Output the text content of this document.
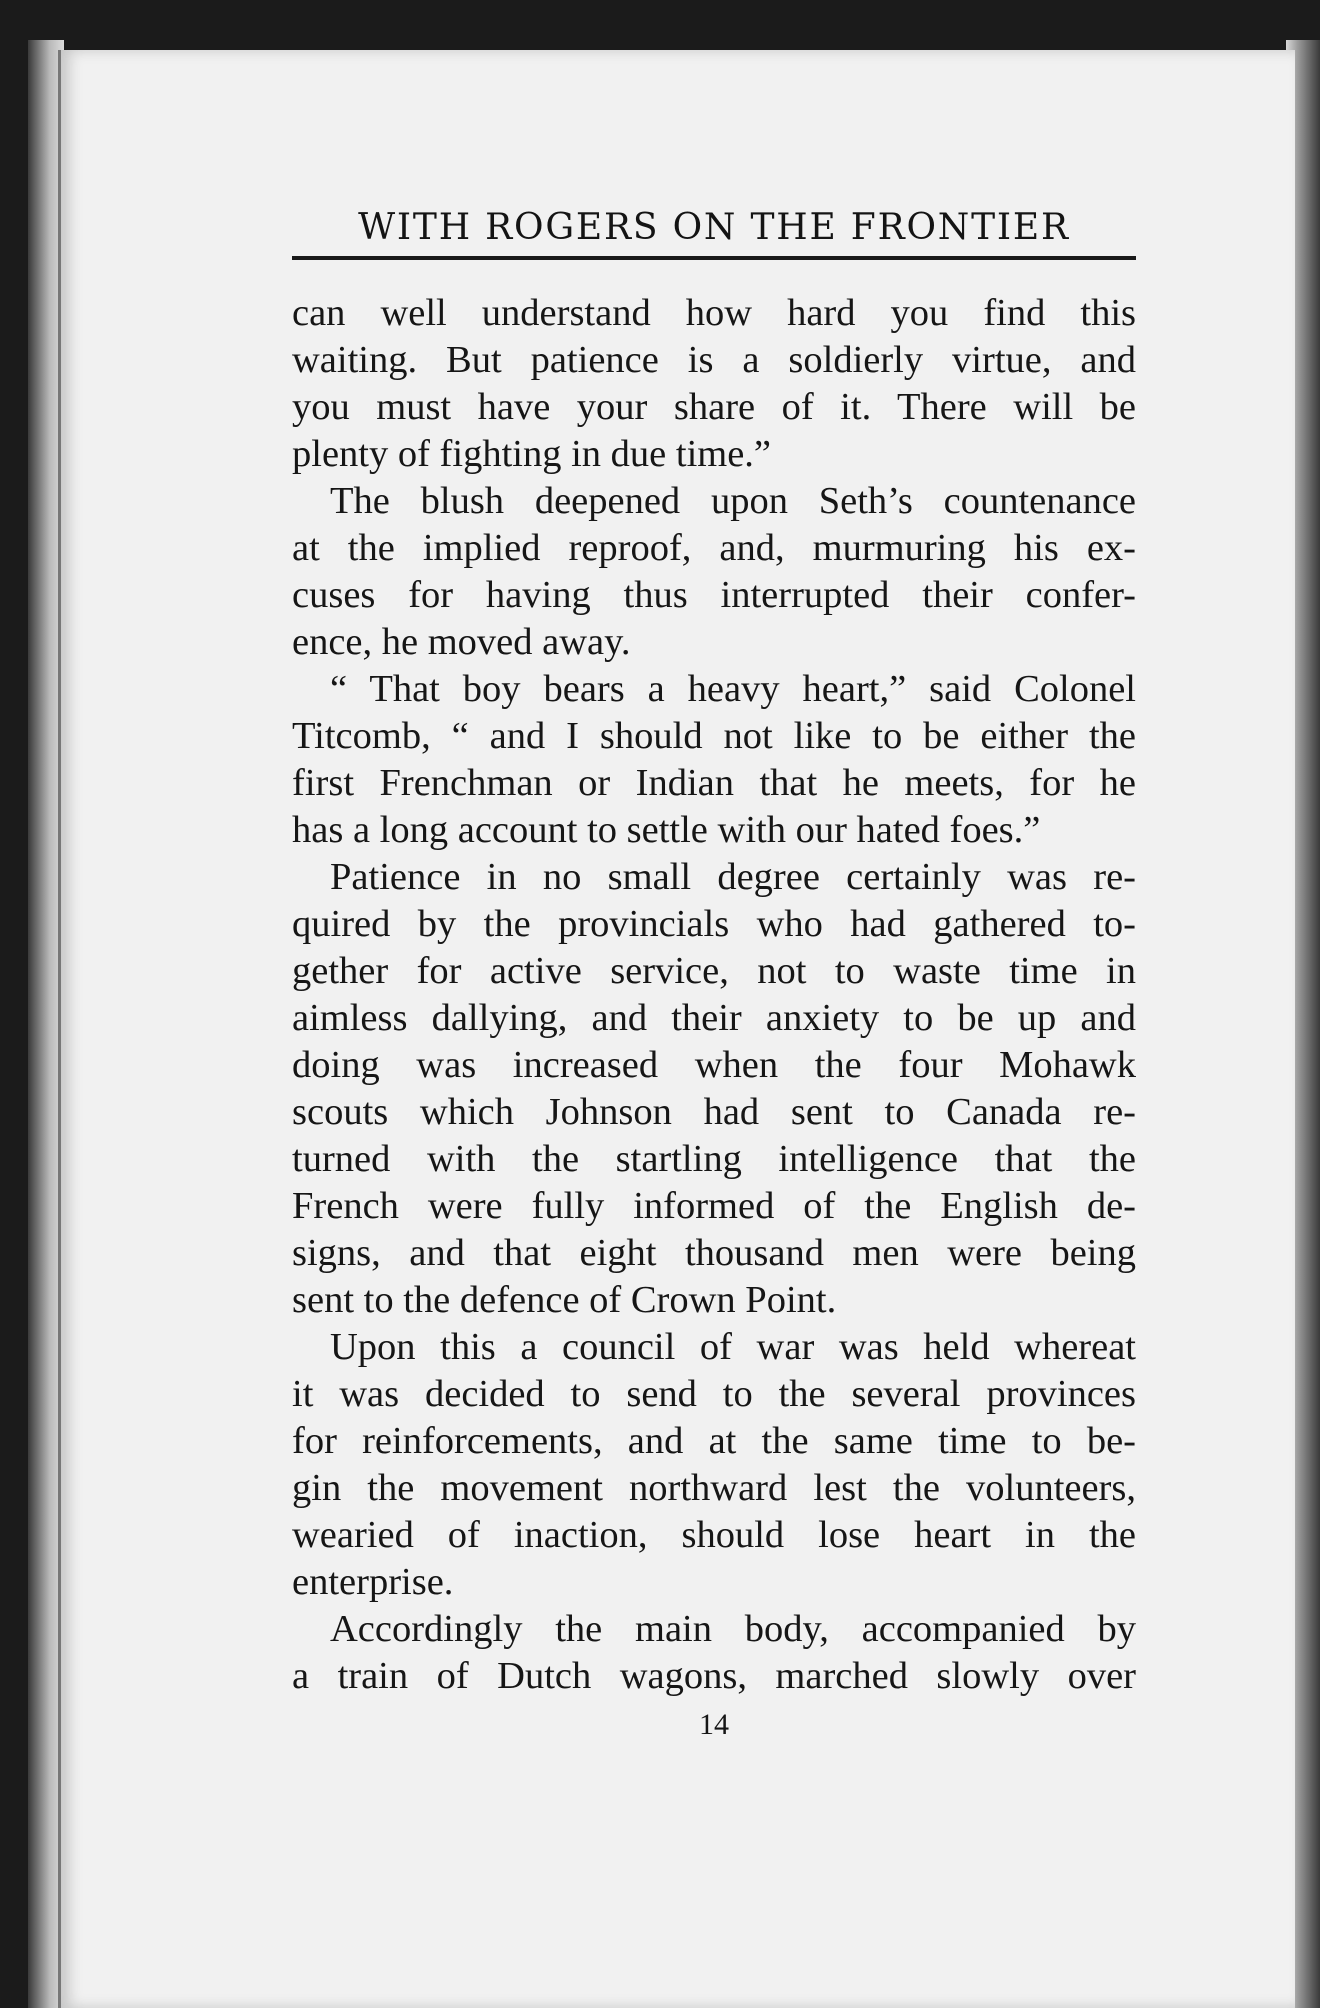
WITH ROGERS ON THE FRONTIER

can well understand how hard you find this
waiting. But patience is a soldierly virtue, and
you must have your share of it. There will be
plenty of fighting in due time.”

The blush deepened upon Seth’s countenance
at the implied reproof, and, murmuring his ex-
cuses for having thus interrupted their confer-
ence, he moved away.

“ That boy bears a heavy heart,” said Colonel
Titcomb, “ and I should not like to be either the
first Frenchman or Indian that he meets, for he
has a long account to settle with our hated foes.”

Patience in no small degree certainly was re-
quired by the provincials who had gathered to-
gether for active service, not to waste time in
aimless dallying, and their anxiety to be up and
doing was increased when the four Mohawk
scouts which Johnson had sent to Canada re-
turned with the startling intelligence that the
French were fully informed of the English de-
signs, and that eight thousand men were being
sent to the defence of Crown Point.

Upon this a council of war was held whereat
it was decided to send to the several provinces
for reinforcements, and at the same time to be-
gin the movement northward lest the volunteers,
wearied of inaction, should lose heart in the
enterprise.

Accordingly the main body, accompanied by
a train of Dutch wagons, marched slowly over

14
